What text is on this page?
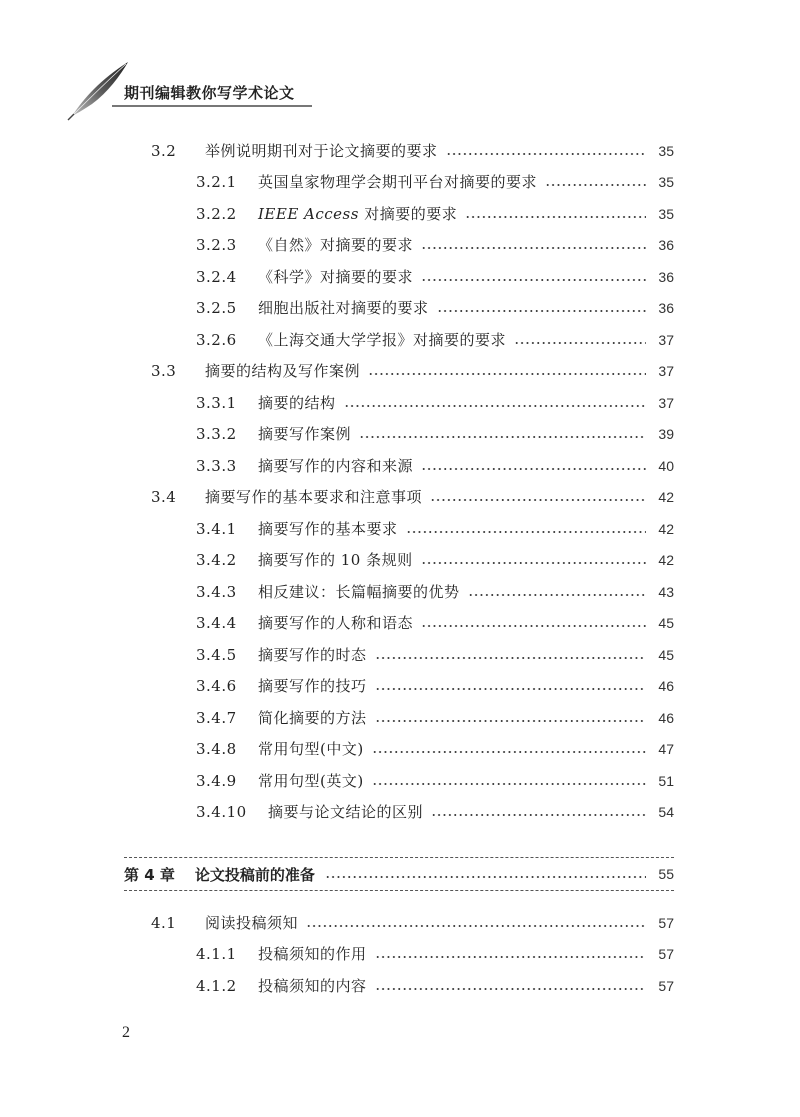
期刊编辑教你写学术论文
3.2	举例说明期刊对于论文摘要的要求	35
3.2.1	英国皇家物理学会期刊平台对摘要的要求	35
3.2.2	IEEE Access 对摘要的要求	35
3.2.3	《自然》对摘要的要求	36
3.2.4	《科学》对摘要的要求	36
3.2.5	细胞出版社对摘要的要求	36
3.2.6	《上海交通大学学报》对摘要的要求	37
3.3	摘要的结构及写作案例	37
3.3.1	摘要的结构	37
3.3.2	摘要写作案例	39
3.3.3	摘要写作的内容和来源	40
3.4	摘要写作的基本要求和注意事项	42
3.4.1	摘要写作的基本要求	42
3.4.2	摘要写作的 10 条规则	42
3.4.3	相反建议：长篇幅摘要的优势	43
3.4.4	摘要写作的人称和语态	45
3.4.5	摘要写作的时态	45
3.4.6	摘要写作的技巧	46
3.4.7	简化摘要的方法	46
3.4.8	常用句型(中文)	47
3.4.9	常用句型(英文)	51
3.4.10	摘要与论文结论的区别	54
第 4 章	论文投稿前的准备	55
4.1	阅读投稿须知	57
4.1.1	投稿须知的作用	57
4.1.2	投稿须知的内容	57
2
